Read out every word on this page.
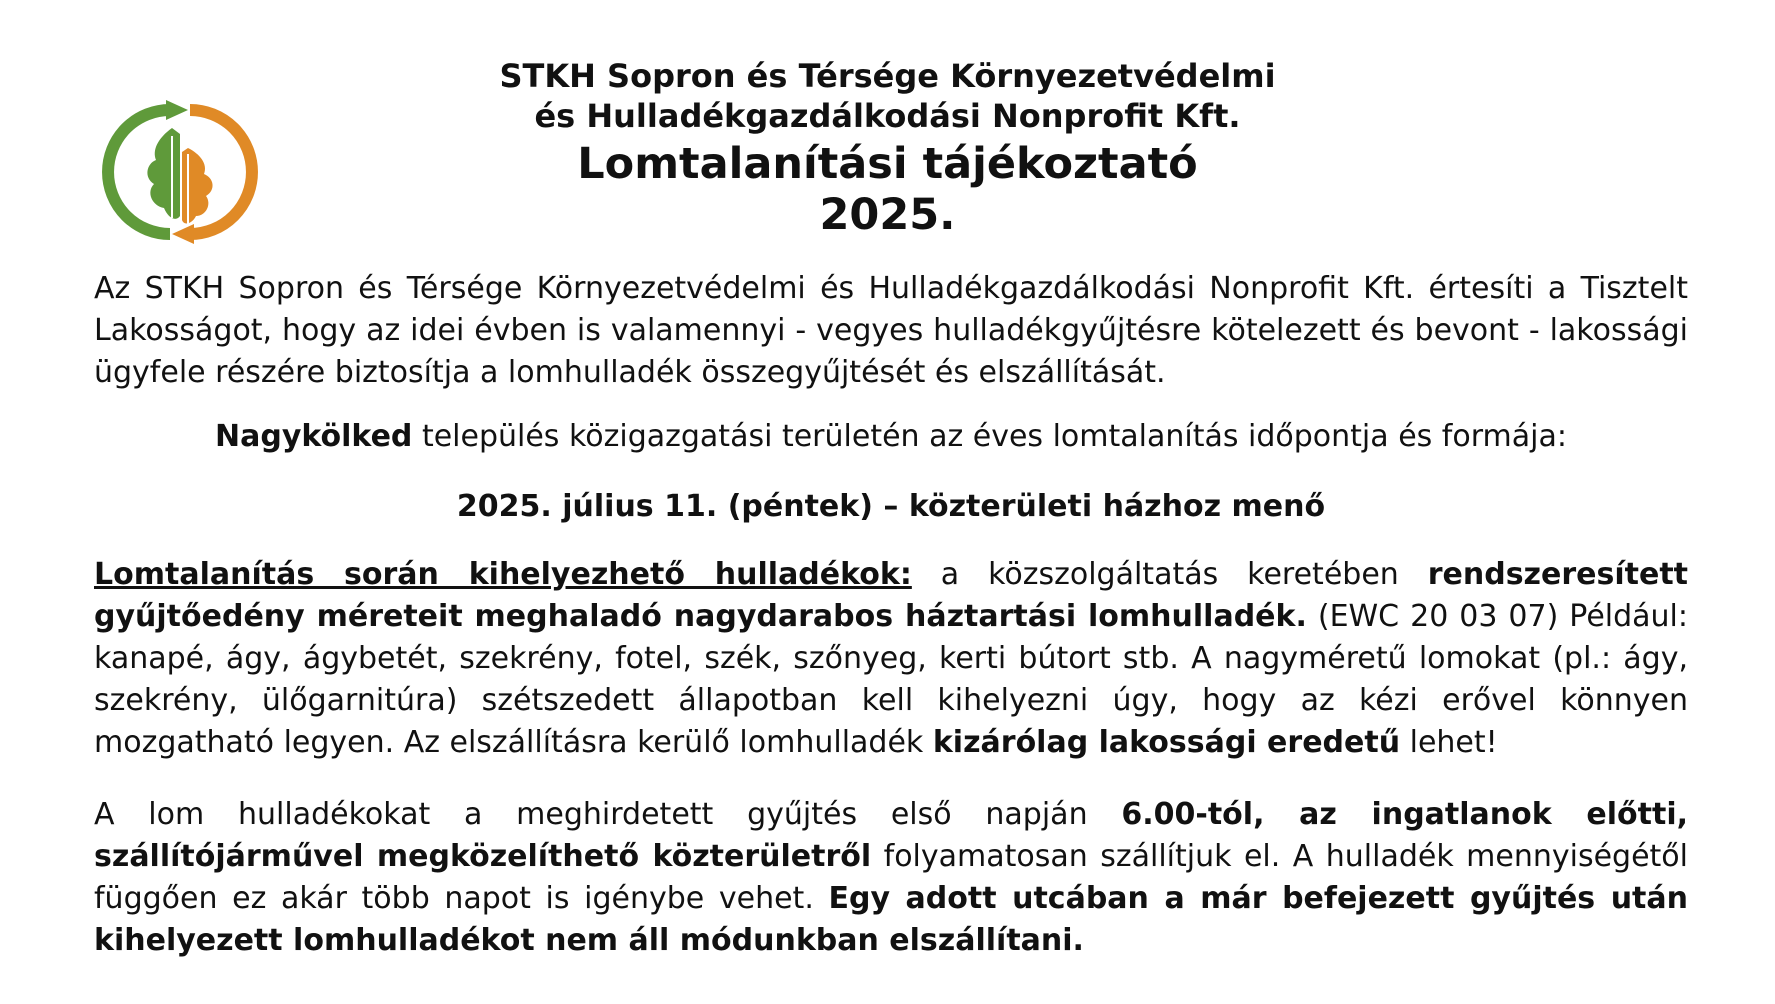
STKH Sopron és Térsége Környezetvédelmi
és Hulladékgazdálkodási Nonprofit Kft.
Lomtalanítási tájékoztató
2025.

Az STKH Sopron és Térsége Környezetvédelmi és Hulladékgazdálkodási Nonprofit Kft. értesíti a Tisztelt Lakosságot, hogy az idei évben is valamennyi - vegyes hulladékgyűjtésre kötelezett és bevont - lakossági ügyfele részére biztosítja a lomhulladék összegyűjtését és elszállítását.

Nagykölked település közigazgatási területén az éves lomtalanítás időpontja és formája:

2025. július 11. (péntek) – közterületi házhoz menő

Lomtalanítás során kihelyezhető hulladékok: a közszolgáltatás keretében rendszeresített gyűjtőedény méreteit meghaladó nagydarabos háztartási lomhulladék. (EWC 20 03 07) Például: kanapé, ágy, ágybetét, szekrény, fotel, szék, szőnyeg, kerti bútort stb. A nagyméretű lomokat (pl.: ágy, szekrény, ülőgarnitúra) szétszedett állapotban kell kihelyezni úgy, hogy az kézi erővel könnyen mozgatható legyen. Az elszállításra kerülő lomhulladék kizárólag lakossági eredetű lehet!

A lom hulladékokat a meghirdetett gyűjtés első napján 6.00-tól, az ingatlanok előtti, szállítójárművel megközelíthető közterületről folyamatosan szállítjuk el. A hulladék mennyiségétől függően ez akár több napot is igénybe vehet. Egy adott utcában a már befejezett gyűjtés után kihelyezett lomhulladékot nem áll módunkban elszállítani.
